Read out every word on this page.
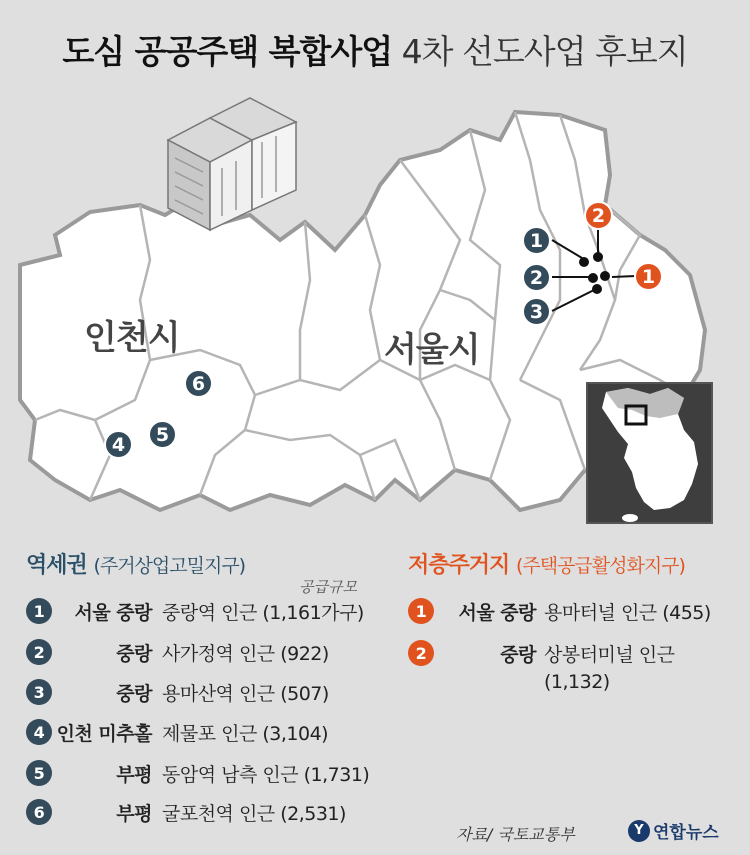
도심 공공주택 복합사업 4차 선도사업 후보지
인천시	서울시
1
2
3
4	5
6
1
2
역세권 (주거상업고밀지구)
공급규모
1	서울 중랑 중랑역 인근 (1,161가구)
2	중랑 사가정역 인근 (922)
3	중랑 용마산역 인근 (507)
4 인천 미추홀 제물포 인근 (3,104)
5	부평 동암역 남측 인근 (1,731)
6	부평 굴포천역 인근 (2,531)
저층주거지 (주택공급활성화지구)
1	서울 중랑 용마터널 인근 (455)
2	중랑 상봉터미널 인근
(1,132)
자료/ 국토교통부	Y 연합뉴스
